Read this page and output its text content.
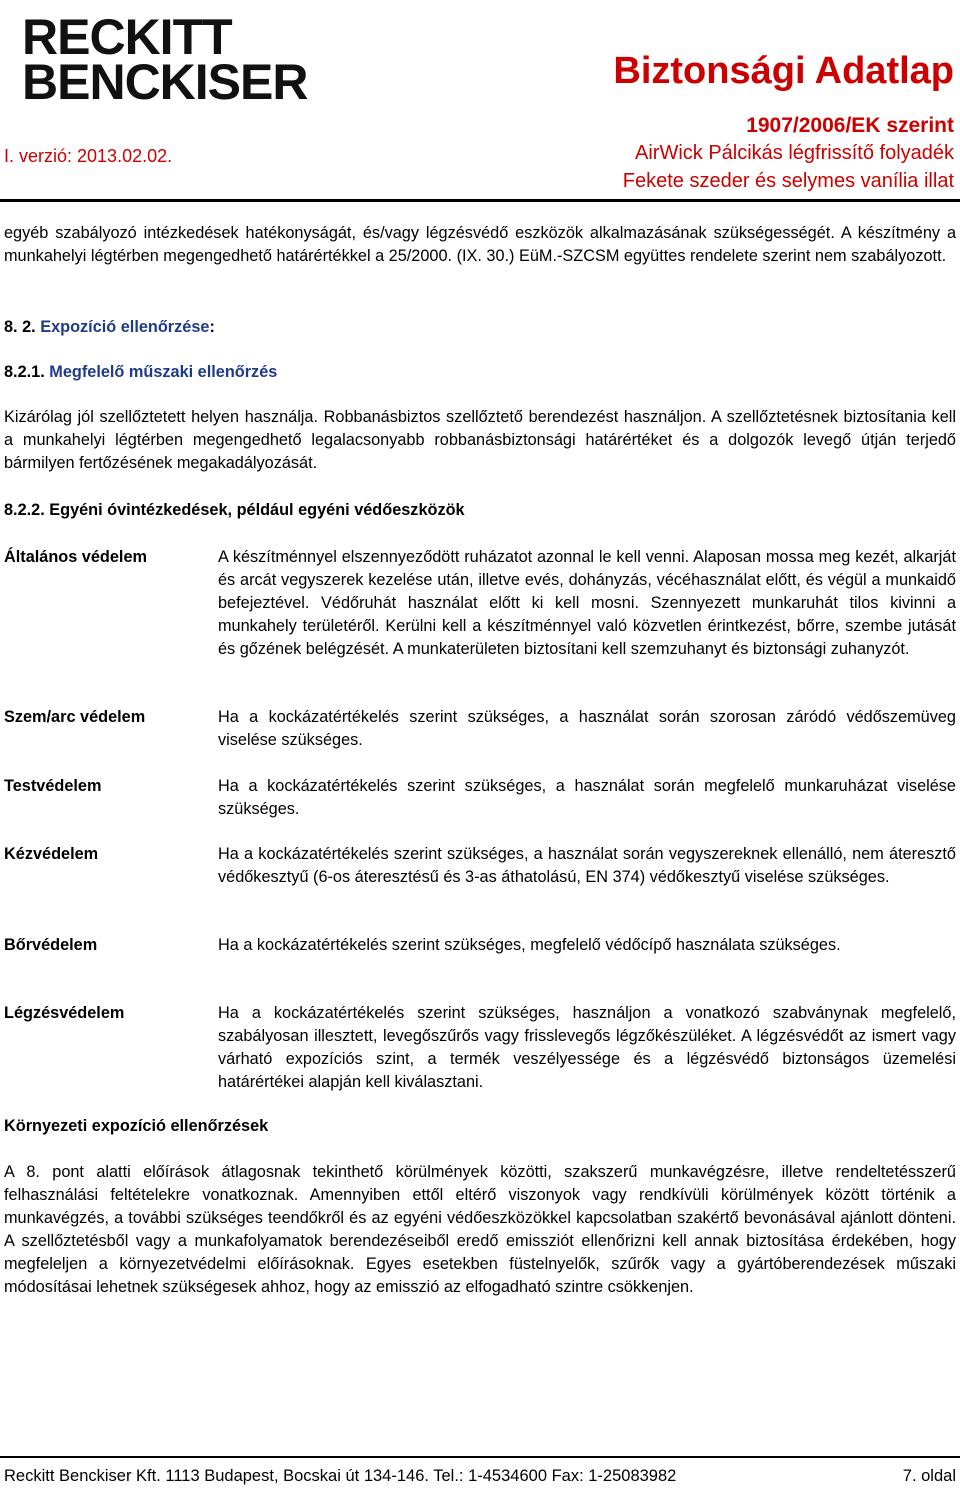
RECKITT
BENCKISER
I. verzió: 2013.02.02.
Biztonsági Adatlap
1907/2006/EK szerint
AirWick Pálcikás légfrissítő folyadék
Fekete szeder és selymes vanília illat
egyéb szabályozó intézkedések hatékonyságát, és/vagy légzésvédő eszközök alkalmazásának szükségességét. A készítmény a munkahelyi légtérben megengedhető határértékkel a 25/2000. (IX. 30.) EüM.-SZCSM együttes rendelete szerint nem szabályozott.
8. 2. Expozíció ellenőrzése:
8.2.1. Megfelelő műszaki ellenőrzés
Kizárólag jól szellőztetett helyen használja. Robbanásbiztos szellőztető berendezést használjon. A szellőztetésnek biztosítania kell a munkahelyi légtérben megengedhető legalacsonyabb robbanásbiztonsági határértéket és a dolgozók levegő útján terjedő bármilyen fertőzésének megakadályozását.
8.2.2. Egyéni óvintézkedések, például egyéni védőeszközök
Általános védelem	A készítménnyel elszennyeződött ruházatot azonnal le kell venni. Alaposan mossa meg kezét, alkarját és arcát vegyszerek kezelése után, illetve evés, dohányzás, vécéhasználat előtt, és végül a munkaidő befejeztével. Védőruhát használat előtt ki kell mosni. Szennyezett munkaruhát tilos kivinni a munkahely területéről. Kerülni kell a készítménnyel való közvetlen érintkezést, bőrre, szembe jutását és gőzének belégzését. A munkaterületen biztosítani kell szemzuhanyt és biztonsági zuhanyzót.
Szem/arc védelem	Ha a kockázatértékelés szerint szükséges, a használat során szorosan záródó védőszemüveg viselése szükséges.
Testvédelem	Ha a kockázatértékelés szerint szükséges, a használat során megfelelő munkaruházat viselése szükséges.
Kézvédelem	Ha a kockázatértékelés szerint szükséges, a használat során vegyszereknek ellenálló, nem áteresztő védőkesztyű (6-os áteresztésű és 3-as áthatolású, EN 374) védőkesztyű viselése szükséges.
Bőrvédelem	Ha a kockázatértékelés szerint szükséges, megfelelő védőcípő használata szükséges.
Légzésvédelem	Ha a kockázatértékelés szerint szükséges, használjon a vonatkozó szabványnak megfelelő, szabályosan illesztett, levegőszűrős vagy frisslevegős légzőkészüléket. A légzésvédőt az ismert vagy várható expozíciós szint, a termék veszélyessége és a légzésvédő biztonságos üzemelési határértékei alapján kell kiválasztani.
Környezeti expozíció ellenőrzések
A 8. pont alatti előírások átlagosnak tekinthető körülmények közötti, szakszerű munkavégzésre, illetve rendeltetésszerű felhasználási feltételekre vonatkoznak. Amennyiben ettől eltérő viszonyok vagy rendkívüli körülmények között történik a munkavégzés, a további szükséges teendőkről és az egyéni védőeszközökkel kapcsolatban szakértő bevonásával ajánlott dönteni. A szellőztetésből vagy a munkafolyamatok berendezéseiből eredő emissziót ellenőrizni kell annak biztosítása érdekében, hogy megfeleljen a környezetvédelmi előírásoknak. Egyes esetekben füstelnyelők, szűrők vagy a gyártóberendezések műszaki módosításai lehetnek szükségesek ahhoz, hogy az emisszió az elfogadható szintre csökkenjen.
Reckitt Benckiser Kft. 1113 Budapest, Bocskai út 134-146. Tel.: 1-4534600 Fax: 1-25083982	7. oldal
